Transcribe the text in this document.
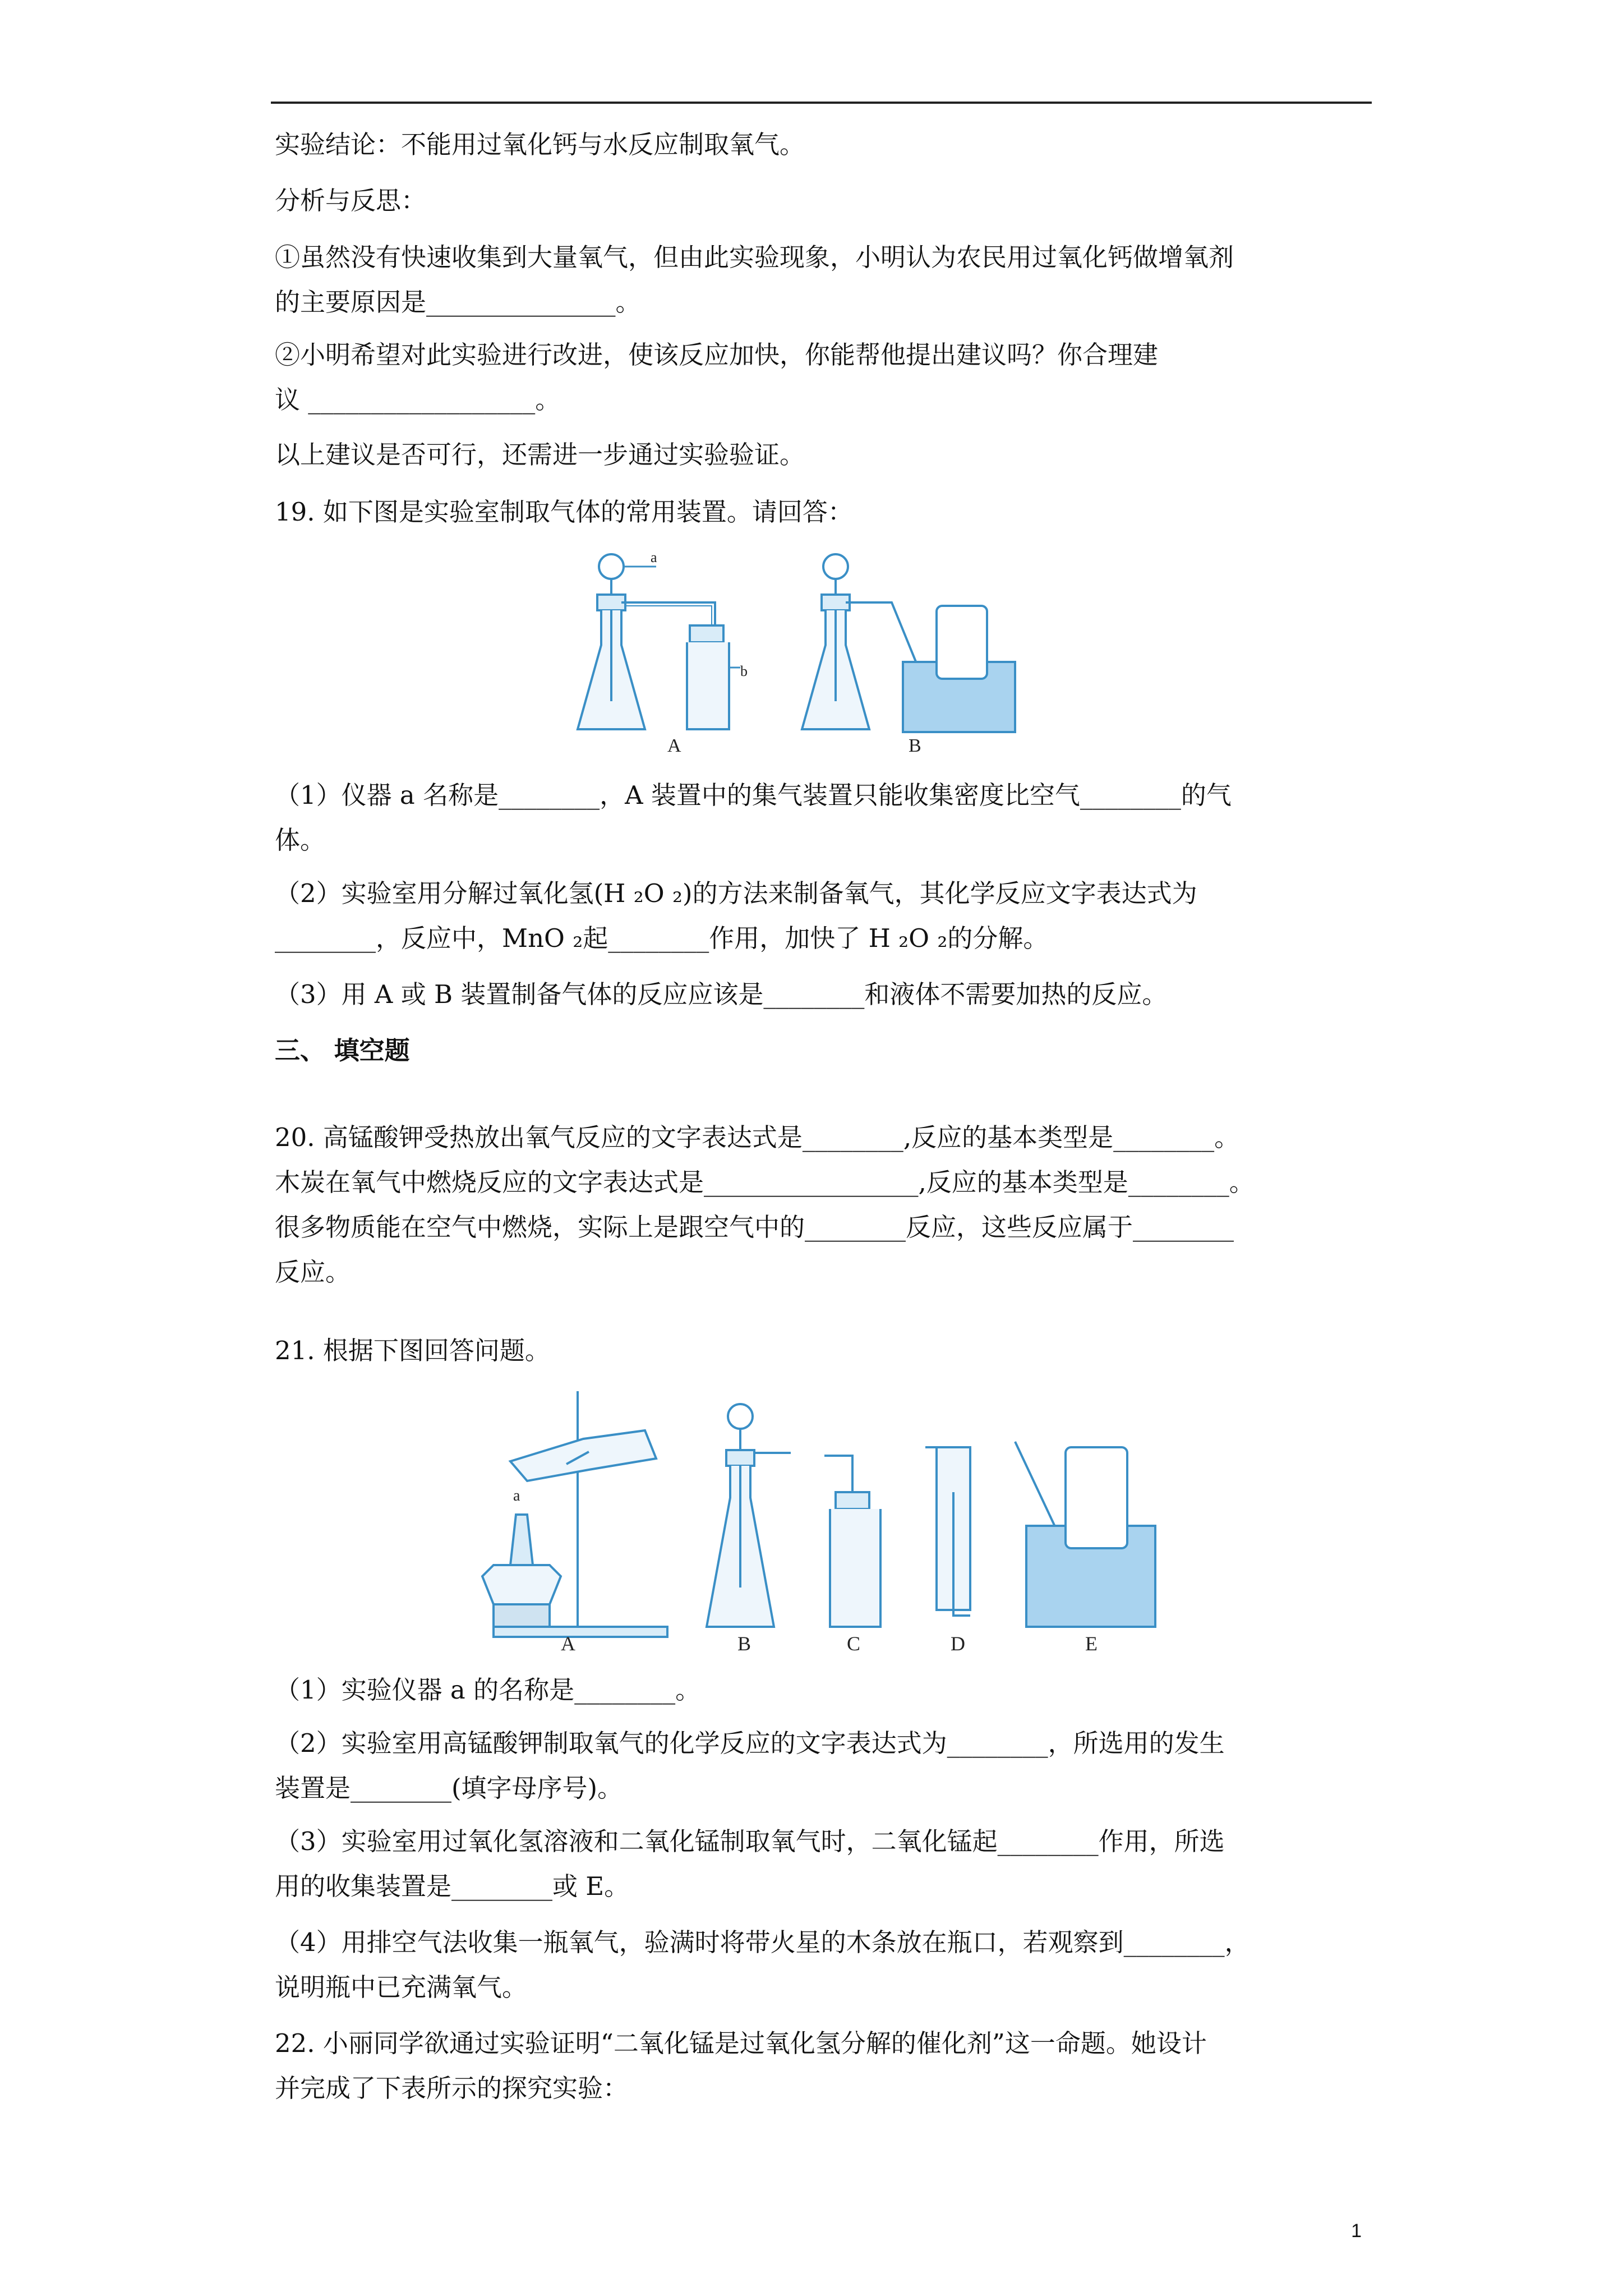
实验结论：不能用过氧化钙与水反应制取氧气。
分析与反思：
①虽然没有快速收集到大量氧气，但由此实验现象，小明认为农民用过氧化钙做增氧剂
的主要原因是_______________。
②小明希望对此实验进行改进，使该反应加快，你能帮他提出建议吗？你合理建
议 __________________。
以上建议是否可行，还需进一步通过实验验证。
19. 如下图是实验室制取气体的常用装置。请回答：
a
b
A	B
（1）仪器 a 名称是________，A 装置中的集气装置只能收集密度比空气________的气
体。
（2）实验室用分解过氧化氢(H ₂O ₂)的方法来制备氧气，其化学反应文字表达式为
________，反应中，MnO ₂起________作用，加快了 H ₂O ₂的分解。
（3）用 A 或 B 装置制备气体的反应应该是________和液体不需要加热的反应。
三、 填空题
20. 高锰酸钾受热放出氧气反应的文字表达式是________,反应的基本类型是________。
木炭在氧气中燃烧反应的文字表达式是_________________,反应的基本类型是________。
很多物质能在空气中燃烧，实际上是跟空气中的________反应，这些反应属于________
反应。
21. 根据下图回答问题。
a
A	B	C	D	E
（1）实验仪器 a 的名称是________。
（2）实验室用高锰酸钾制取氧气的化学反应的文字表达式为________，所选用的发生
装置是________(填字母序号)。
（3）实验室用过氧化氢溶液和二氧化锰制取氧气时，二氧化锰起________作用，所选
用的收集装置是________或 E。
（4）用排空气法收集一瓶氧气，验满时将带火星的木条放在瓶口，若观察到________，
说明瓶中已充满氧气。
22. 小丽同学欲通过实验证明“二氧化锰是过氧化氢分解的催化剂”这一命题。她设计
并完成了下表所示的探究实验：
1
